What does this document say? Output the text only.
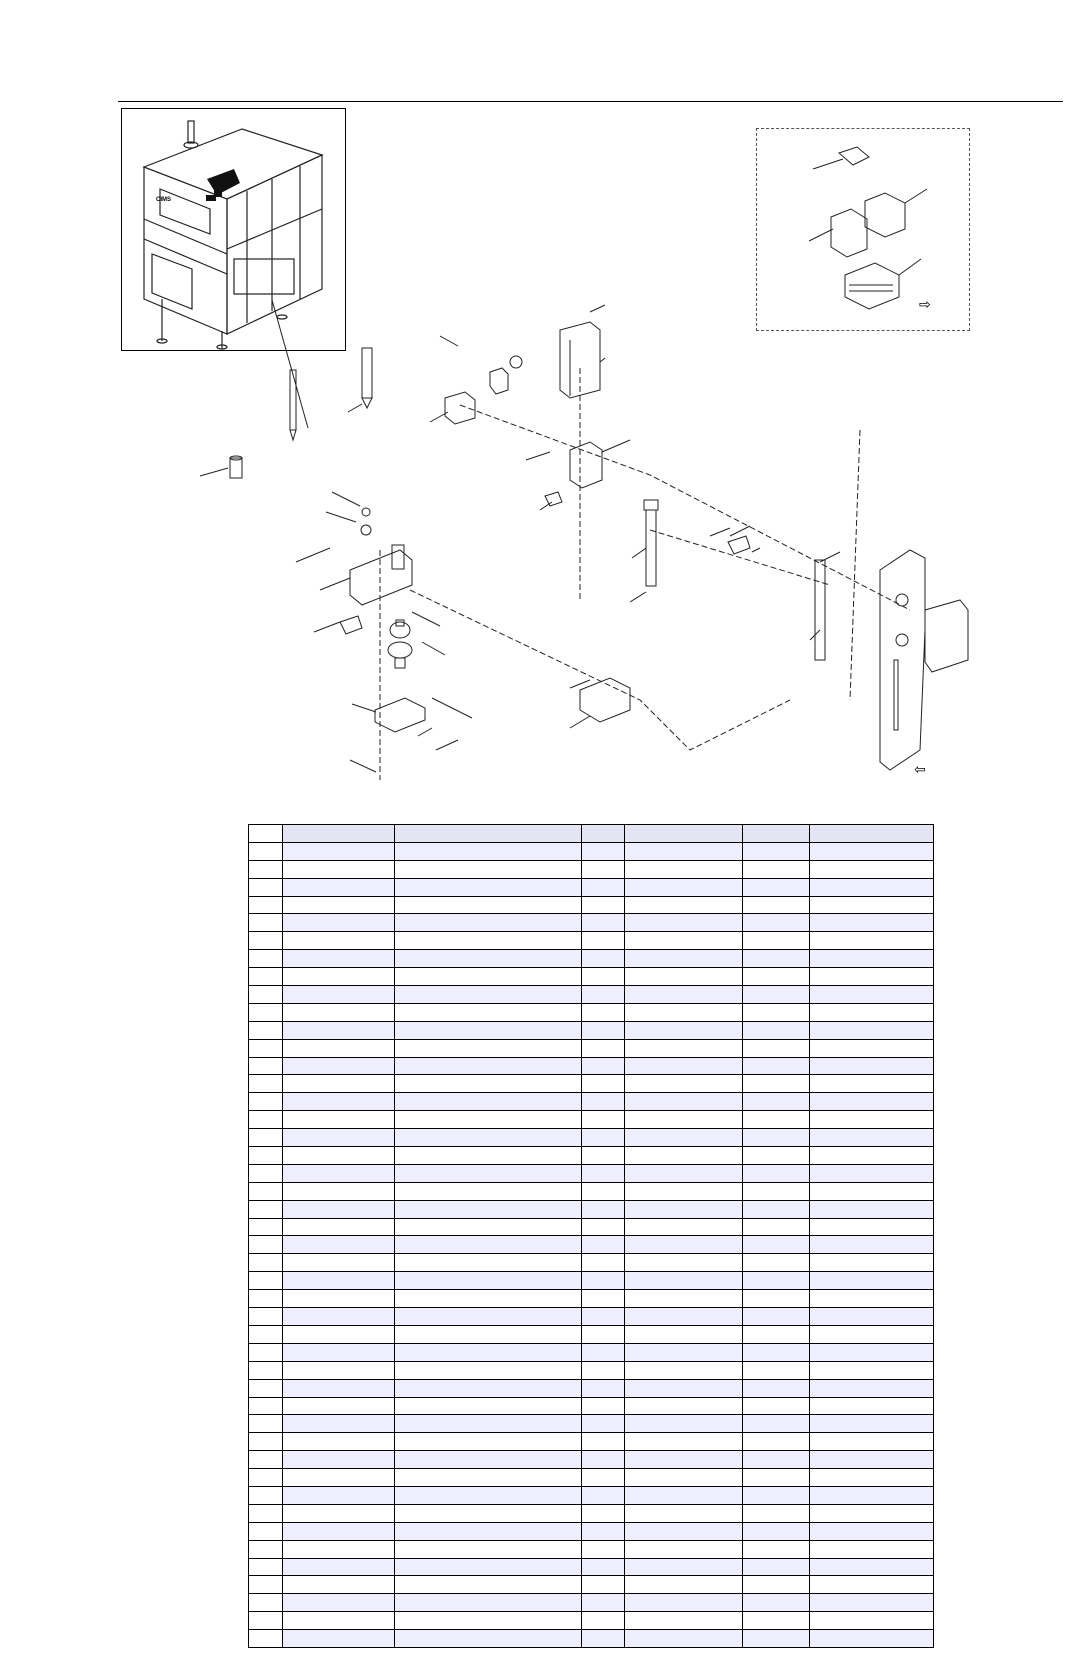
CIMS
⇨
⇦
